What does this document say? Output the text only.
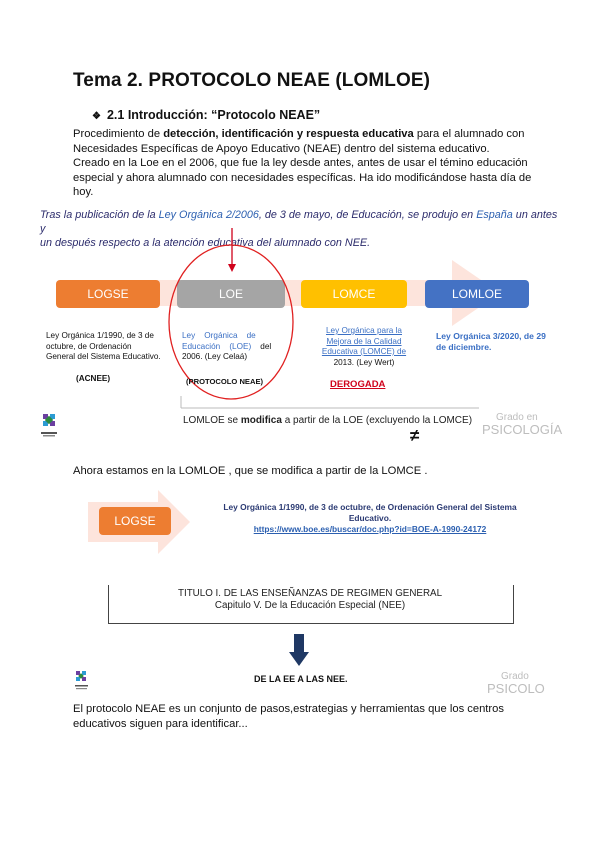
Tema 2. PROTOCOLO NEAE (LOMLOE)
❖ 2.1 Introducción: “Protocolo NEAE”
Procedimiento de detección, identificación y respuesta educativa para el alumnado con
Necesidades Específicas de Apoyo Educativo (NEAE) dentro del sistema educativo.
Creado en la Loe en el 2006, que fue la ley desde antes, antes de usar el témino educación
especial y ahora alumnado con necesidades específicas. Ha ido modificándose hasta día de
hoy.
Tras la publicación de la Ley Orgánica 2/2006, de 3 de mayo, de Educación, se produjo en España un antes y
un después respecto a la atención educativa del alumnado con NEE.
LOGSE	LOE	LOMCE	LOMLOE
Ley Orgánica 1/1990, de 3 de
octubre, de Ordenación
General del Sistema Educativo.
(ACNEE)
Ley    Orgánica    de
Educación    (LOE) del
2006. (Ley Celaá)
(PROTOCOLO NEAE)
Ley Orgánica para la
Mejora de la Calidad
Educativa (LOMCE) de
2013. (Ley Wert)
DEROGADA
Ley Orgánica 3/2020, de 29
de diciembre.
LOMLOE se modifica a partir de la LOE (excluyendo la LOMCE)
≠
Grado en
PSICOLOGÍA
Ahora estamos en la LOMLOE , que se modifica a partir de la LOMCE .
LOGSE
Ley Orgánica 1/1990, de 3 de octubre, de Ordenación General del Sistema
Educativo.
https://www.boe.es/buscar/doc.php?id=BOE-A-1990-24172
TITULO I. DE LAS ENSEÑANZAS DE REGIMEN GENERAL
Capitulo V. De la Educación Especial (NEE)
DE LA EE A LAS NEE.	Grado
PSICOLO
El protocolo NEAE es un conjunto de pasos,estrategias y herramientas que los centros
educativos siguen para identificar...
